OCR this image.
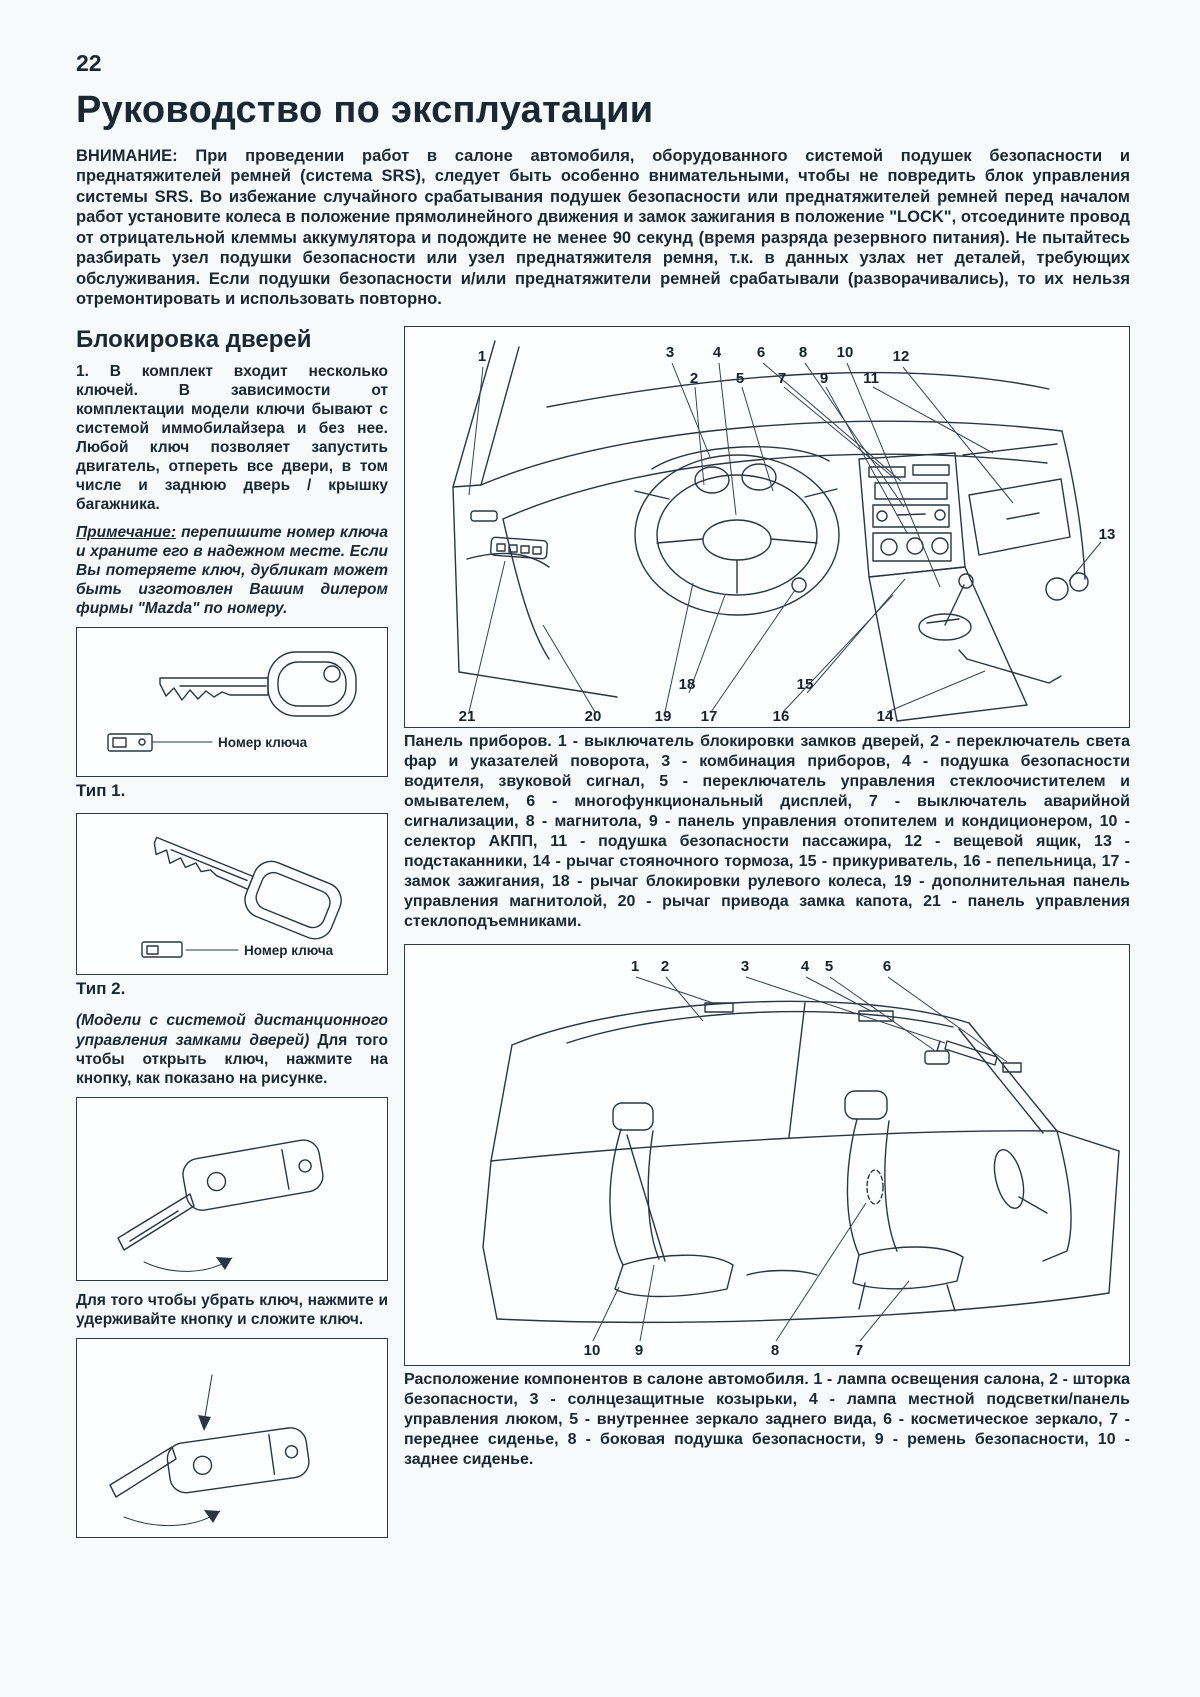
22
Руководство по эксплуатации

ВНИМАНИЕ: При проведении работ в салоне автомобиля, оборудованного системой подушек безопасности и преднатяжителей ремней (система SRS), следует быть особенно внимательными, чтобы не повредить блок управления системы SRS. Во избежание случайного срабатывания подушек безопасности или преднатяжителей ремней перед началом работ установите колеса в положение прямолинейного движения и замок зажигания в положение "LOCK", отсоедините провод от отрицательной клеммы аккумулятора и подождите не менее 90 секунд (время разряда резервного питания). Не пытайтесь разбирать узел подушки безопасности или узел преднатяжителя ремня, т.к. в данных узлах нет деталей, требующих обслуживания. Если подушки безопасности и/или преднатяжители ремней срабатывали (разворачивались), то их нельзя отремонтировать и использовать повторно.

Блокировка дверей

1. В комплект входит несколько ключей. В зависимости от комплектации модели ключи бывают с системой иммобилайзера и без нее. Любой ключ позволяет запустить двигатель, отпереть все двери, в том числе и заднюю дверь / крышку багажника.

Примечание: перепишите номер ключа и храните его в надежном месте. Если Вы потеряете ключ, дубликат может быть изготовлен Вашим дилером фирмы "Mazda" по номеру.

Номер ключа
Тип 1.
Номер ключа
Тип 2.

(Модели с системой дистанционного управления замками дверей) Для того чтобы открыть ключ, нажмите на кнопку, как показано на рисунке.

Для того чтобы убрать ключ, нажмите и удерживайте кнопку и сложите ключ.

1
2
3	4
5
6
7
8
9
10
11
12
13
14
15
16
17
18
19
20
21

Панель приборов. 1 - выключатель блокировки замков дверей, 2 - переключатель света фар и указателей поворота, 3 - комбинация приборов, 4 - подушка безопасности водителя, звуковой сигнал, 5 - переключатель управления стеклоочистителем и омывателем, 6 - многофункциональный дисплей, 7 - выключатель аварийной сигнализации, 8 - магнитола, 9 - панель управления отопителем и кондиционером, 10 - селектор АКПП, 11 - подушка безопасности пассажира, 12 - вещевой ящик, 13 - подстаканники, 14 - рычаг стояночного тормоза, 15 - прикуриватель, 16 - пепельница, 17 - замок зажигания, 18 - рычаг блокировки рулевого колеса, 19 - дополнительная панель управления магнитолой, 20 - рычаг привода замка капота, 21 - панель управления стеклоподъемниками.

1 2	3	4 5	6
7
8
9
10

Расположение компонентов в салоне автомобиля. 1 - лампа освещения салона, 2 - шторка безопасности, 3 - солнцезащитные козырьки, 4 - лампа местной подсветки/панель управления люком, 5 - внутреннее зеркало заднего вида, 6 - косметическое зеркало, 7 - переднее сиденье, 8 - боковая подушка безопасности, 9 - ремень безопасности, 10 - заднее сиденье.
